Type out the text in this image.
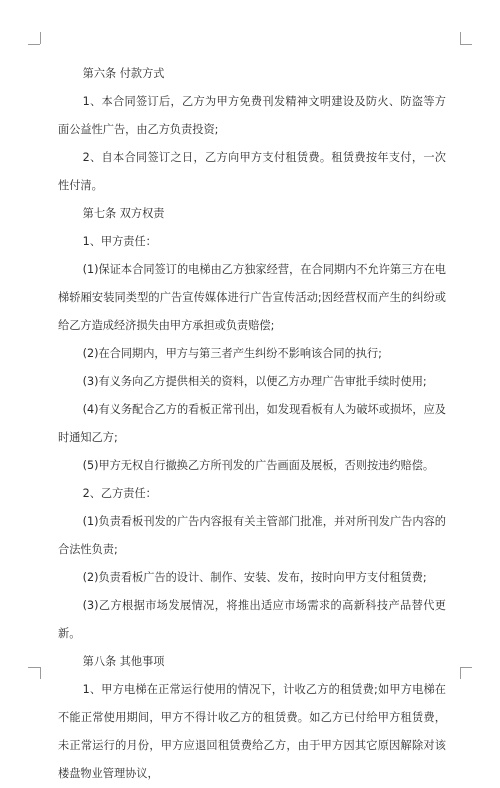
第六条 付款方式

1、本合同签订后，乙方为甲方免费刊发精神文明建设及防火、防盗等方面公益性广告，由乙方负责投资;

2、自本合同签订之日，乙方向甲方支付租赁费。租赁费按年支付，一次性付清。

第七条 双方权责

1、甲方责任：

(1)保证本合同签订的电梯由乙方独家经营，在合同期内不允许第三方在电梯轿厢安装同类型的广告宣传媒体进行广告宣传活动;因经营权而产生的纠纷或给乙方造成经济损失由甲方承担或负责赔偿;

(2)在合同期内，甲方与第三者产生纠纷不影响该合同的执行;

(3)有义务向乙方提供相关的资料，以便乙方办理广告审批手续时使用;

(4)有义务配合乙方的看板正常刊出，如发现看板有人为破坏或损坏，应及时通知乙方;

(5)甲方无权自行撤换乙方所刊发的广告画面及展板，否则按违约赔偿。

2、乙方责任：

(1)负责看板刊发的广告内容报有关主管部门批准，并对所刊发广告内容的合法性负责;

(2)负责看板广告的设计、制作、安装、发布，按时向甲方支付租赁费;

(3)乙方根据市场发展情况，将推出适应市场需求的高新科技产品替代更新。

第八条 其他事项

1、甲方电梯在正常运行使用的情况下，计收乙方的租赁费;如甲方电梯在不能正常使用期间，甲方不得计收乙方的租赁费。如乙方已付给甲方租赁费，未正常运行的月份，甲方应退回租赁费给乙方，由于甲方因其它原因解除对该楼盘物业管理协议，
